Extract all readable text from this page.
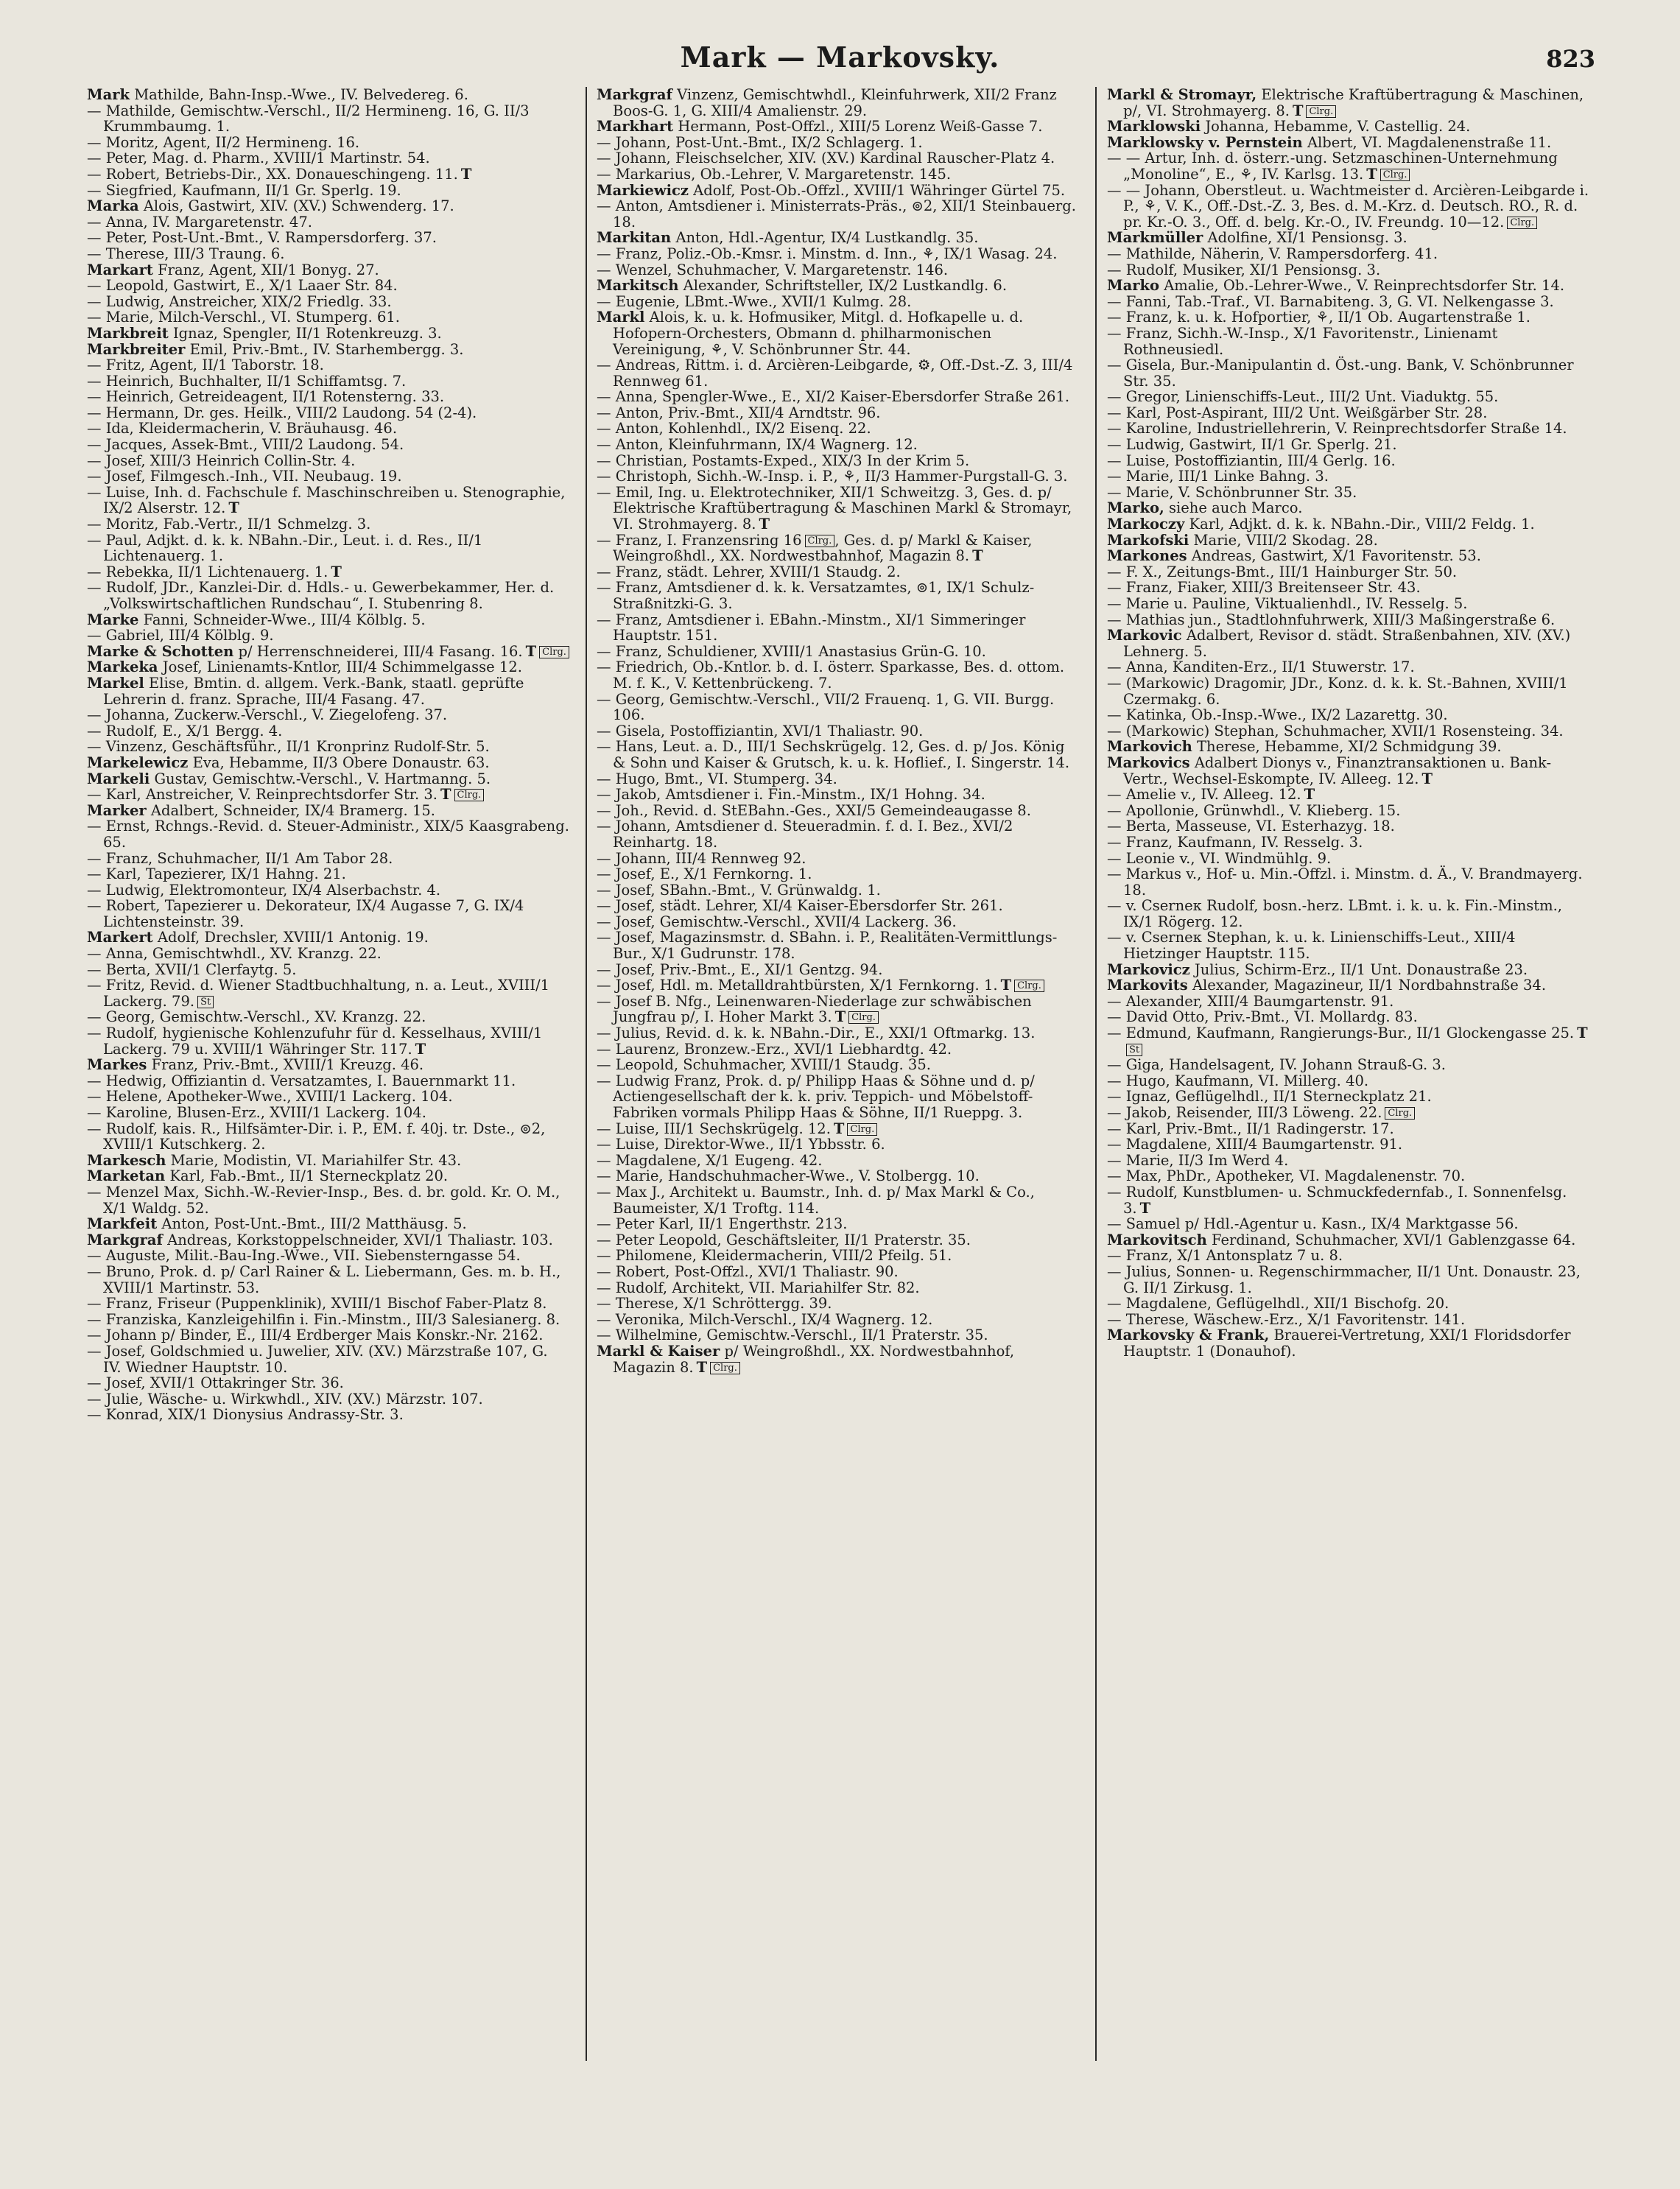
Mark — Markovsky.	823

Mark Mathilde, Bahn-Insp.-Wwe., IV. Belvedereg. 6.

— Mathilde, Gemischtw.-Verschl., II/2 Hermineng. 16, G. II/3 Krummbaumg. 1.

— Moritz, Agent, II/2 Hermineng. 16.

— Peter, Mag. d. Pharm., XVIII/1 Martinstr. 54.

— Robert, Betriebs-Dir., XX. Donaueschingeng. 11. T

— Siegfried, Kaufmann, II/1 Gr. Sperlg. 19.

Marka Alois, Gastwirt, XIV. (XV.) Schwenderg. 17.

— Anna, IV. Margaretenstr. 47.

— Peter, Post-Unt.-Bmt., V. Rampersdorferg. 37.

— Therese, III/3 Traung. 6.

Markart Franz, Agent, XII/1 Bonyg. 27.

— Leopold, Gastwirt, E., X/1 Laaer Str. 84.

— Ludwig, Anstreicher, XIX/2 Friedlg. 33.

— Marie, Milch-Verschl., VI. Stumperg. 61.

Markbreit Ignaz, Spengler, II/1 Rotenkreuzg. 3.

Markbreiter Emil, Priv.-Bmt., IV. Starhembergg. 3.

— Fritz, Agent, II/1 Taborstr. 18.

— Heinrich, Buchhalter, II/1 Schiffamtsg. 7.

— Heinrich, Getreideagent, II/1 Rotensterng. 33.

— Hermann, Dr. ges. Heilk., VIII/2 Laudong. 54 (2-4).

— Ida, Kleidermacherin, V. Bräuhausg. 46.

— Jacques, Assek-Bmt., VIII/2 Laudong. 54.

— Josef, XIII/3 Heinrich Collin-Str. 4.

— Josef, Filmgesch.-Inh., VII. Neubaug. 19.

— Luise, Inh. d. Fachschule f. Maschinschreiben u. Stenographie, IX/2 Alserstr. 12. T

— Moritz, Fab.-Vertr., II/1 Schmelzg. 3.

— Paul, Adjkt. d. k. k. NBahn.-Dir., Leut. i. d. Res., II/1 Lichtenauerg. 1.

— Rebekka, II/1 Lichtenauerg. 1. T

— Rudolf, JDr., Kanzlei-Dir. d. Hdls.- u. Gewerbekammer, Her. d. „Volkswirtschaftlichen Rundschau“, I. Stubenring 8.

Marke Fanni, Schneider-Wwe., III/4 Kölblg. 5.

— Gabriel, III/4 Kölblg. 9.

Marke & Schotten p/ Herrenschneiderei, III/4 Fasang. 16. T Clrg.

Markeka Josef, Linienamts-Kntlor, III/4 Schimmelgasse 12.

Markel Elise, Bmtin. d. allgem. Verk.-Bank, staatl. geprüfte Lehrerin d. franz. Sprache, III/4 Fasang. 47.

— Johanna, Zuckerw.-Verschl., V. Ziegelofeng. 37.

— Rudolf, E., X/1 Bergg. 4.

— Vinzenz, Geschäftsführ., II/1 Kronprinz Rudolf-Str. 5.

Markelewicz Eva, Hebamme, II/3 Obere Donaustr. 63.

Markeli Gustav, Gemischtw.-Verschl., V. Hartmanng. 5.

— Karl, Anstreicher, V. Reinprechtsdorfer Str. 3. T Clrg.

Marker Adalbert, Schneider, IX/4 Bramerg. 15.

— Ernst, Rchngs.-Revid. d. Steuer-Administr., XIX/5 Kaasgrabeng. 65.

— Franz, Schuhmacher, II/1 Am Tabor 28.

— Karl, Tapezierer, IX/1 Hahng. 21.

— Ludwig, Elektromonteur, IX/4 Alserbachstr. 4.

— Robert, Tapezierer u. Dekorateur, IX/4 Augasse 7, G. IX/4 Lichtensteinstr. 39.

Markert Adolf, Drechsler, XVIII/1 Antonig. 19.

— Anna, Gemischtwhdl., XV. Kranzg. 22.

— Berta, XVII/1 Clerfaytg. 5.

— Fritz, Revid. d. Wiener Stadtbuchhaltung, n. a. Leut., XVIII/1 Lackerg. 79. St

— Georg, Gemischtw.-Verschl., XV. Kranzg. 22.

— Rudolf, hygienische Kohlenzufuhr für d. Kesselhaus, XVIII/1 Lackerg. 79 u. XVIII/1 Währinger Str. 117. T

Markes Franz, Priv.-Bmt., XVIII/1 Kreuzg. 46.

— Hedwig, Offiziantin d. Versatzamtes, I. Bauernmarkt 11.

— Helene, Apotheker-Wwe., XVIII/1 Lackerg. 104.

— Karoline, Blusen-Erz., XVIII/1 Lackerg. 104.

— Rudolf, kais. R., Hilfsämter-Dir. i. P., EM. f. 40j. tr. Dste., ⊚2, XVIII/1 Kutschkerg. 2.

Markesch Marie, Modistin, VI. Mariahilfer Str. 43.

Marketan Karl, Fab.-Bmt., II/1 Sterneckplatz 20.

— Menzel Max, Sichh.-W.-Revier-Insp., Bes. d. br. gold. Kr. O. M., X/1 Waldg. 52.

Markfeit Anton, Post-Unt.-Bmt., III/2 Matthäusg. 5.

Markgraf Andreas, Korkstoppelschneider, XVI/1 Thaliastr. 103.

— Auguste, Milit.-Bau-Ing.-Wwe., VII. Siebensterngasse 54.

— Bruno, Prok. d. p/ Carl Rainer & L. Liebermann, Ges. m. b. H., XVIII/1 Martinstr. 53.

— Franz, Friseur (Puppenklinik), XVIII/1 Bischof Faber-Platz 8.

— Franziska, Kanzleigehilfin i. Fin.-Minstm., III/3 Salesianerg. 8.

— Johann p/ Binder, E., III/4 Erdberger Mais Konskr.-Nr. 2162.

— Josef, Goldschmied u. Juwelier, XIV. (XV.) Märzstraße 107, G. IV. Wiedner Hauptstr. 10.

— Josef, XVII/1 Ottakringer Str. 36.

— Julie, Wäsche- u. Wirkwhdl., XIV. (XV.) Märzstr. 107.

— Konrad, XIX/1 Dionysius Andrassy-Str. 3.

Markgraf Vinzenz, Gemischtwhdl., Kleinfuhrwerk, XII/2 Franz Boos-G. 1, G. XIII/4 Amalienstr. 29.

Markhart Hermann, Post-Offzl., XIII/5 Lorenz Weiß-Gasse 7.

— Johann, Post-Unt.-Bmt., IX/2 Schlagerg. 1.

— Johann, Fleischselcher, XIV. (XV.) Kardinal Rauscher-Platz 4.

— Markarius, Ob.-Lehrer, V. Margaretenstr. 145.

Markiewicz Adolf, Post-Ob.-Offzl., XVIII/1 Währinger Gürtel 75.

— Anton, Amtsdiener i. Ministerrats-Präs., ⊚2, XII/1 Steinbauerg. 18.

Markitan Anton, Hdl.-Agentur, IX/4 Lustkandlg. 35.

— Franz, Poliz.-Ob.-Kmsr. i. Minstm. d. Inn., ⚘, IX/1 Wasag. 24.

— Wenzel, Schuhmacher, V. Margaretenstr. 146.

Markitsch Alexander, Schriftsteller, IX/2 Lustkandlg. 6.

— Eugenie, LBmt.-Wwe., XVII/1 Kulmg. 28.

Markl Alois, k. u. k. Hofmusiker, Mitgl. d. Hofkapelle u. d. Hofopern-Orchesters, Obmann d. philharmonischen Vereinigung, ⚘, V. Schönbrunner Str. 44.

— Andreas, Rittm. i. d. Arcièren-Leibgarde, ⚙, Off.-Dst.-Z. 3, III/4 Rennweg 61.

— Anna, Spengler-Wwe., E., XI/2 Kaiser-Ebersdorfer Straße 261.

— Anton, Priv.-Bmt., XII/4 Arndtstr. 96.

— Anton, Kohlenhdl., IX/2 Eisenq. 22.

— Anton, Kleinfuhrmann, IX/4 Wagnerg. 12.

— Christian, Postamts-Exped., XIX/3 In der Krim 5.

— Christoph, Sichh.-W.-Insp. i. P., ⚘, II/3 Hammer-Purgstall-G. 3.

— Emil, Ing. u. Elektrotechniker, XII/1 Schweitzg. 3, Ges. d. p/ Elektrische Kraftübertragung & Maschinen Markl & Stromayr, VI. Strohmayerg. 8. T

— Franz, I. Franzensring 16 Clrg. , Ges. d. p/ Markl & Kaiser, Weingroßhdl., XX. Nordwestbahnhof, Magazin 8. T

— Franz, städt. Lehrer, XVIII/1 Staudg. 2.

— Franz, Amtsdiener d. k. k. Versatzamtes, ⊚1, IX/1 Schulz-Straßnitzki-G. 3.

— Franz, Amtsdiener i. EBahn.-Minstm., XI/1 Simmeringer Hauptstr. 151.

— Franz, Schuldiener, XVIII/1 Anastasius Grün-G. 10.

— Friedrich, Ob.-Kntlor. b. d. I. österr. Sparkasse, Bes. d. ottom. M. f. K., V. Kettenbrückeng. 7.

— Georg, Gemischtw.-Verschl., VII/2 Frauenq. 1, G. VII. Burgg. 106.

— Gisela, Postoffiziantin, XVI/1 Thaliastr. 90.

— Hans, Leut. a. D., III/1 Sechskrügelg. 12, Ges. d. p/ Jos. König & Sohn und Kaiser & Grutsch, k. u. k. Hoflief., I. Singerstr. 14.

— Hugo, Bmt., VI. Stumperg. 34.

— Jakob, Amtsdiener i. Fin.-Minstm., IX/1 Hohng. 34.

— Joh., Revid. d. StEBahn.-Ges., XXI/5 Gemeindeaugasse 8.

— Johann, Amtsdiener d. Steueradmin. f. d. I. Bez., XVI/2 Reinhartg. 18.

— Johann, III/4 Rennweg 92.

— Josef, E., X/1 Fernkorng. 1.

— Josef, SBahn.-Bmt., V. Grünwaldg. 1.

— Josef, städt. Lehrer, XI/4 Kaiser-Ebersdorfer Str. 261.

— Josef, Gemischtw.-Verschl., XVII/4 Lackerg. 36.

— Josef, Magazinsmstr. d. SBahn. i. P., Realitäten-Vermittlungs-Bur., X/1 Gudrunstr. 178.

— Josef, Priv.-Bmt., E., XI/1 Gentzg. 94.

— Josef, Hdl. m. Metalldrahtbürsten, X/1 Fernkorng. 1. T Clrg.

— Josef B. Nfg., Leinenwaren-Niederlage zur schwäbischen Jungfrau p/, I. Hoher Markt 3. T Clrg.

— Julius, Revid. d. k. k. NBahn.-Dir., E., XXI/1 Oftmarkg. 13.

— Laurenz, Bronzew.-Erz., XVI/1 Liebhardtg. 42.

— Leopold, Schuhmacher, XVIII/1 Staudg. 35.

— Ludwig Franz, Prok. d. p/ Philipp Haas & Söhne und d. p/ Actiengesellschaft der k. k. priv. Teppich- und Möbelstoff-Fabriken vormals Philipp Haas & Söhne, II/1 Rueppg. 3.

— Luise, III/1 Sechskrügelg. 12. T Clrg.

— Luise, Direktor-Wwe., II/1 Ybbsstr. 6.

— Magdalene, X/1 Eugeng. 42.

— Marie, Handschuhmacher-Wwe., V. Stolbergg. 10.

— Max J., Architekt u. Baumstr., Inh. d. p/ Max Markl & Co., Baumeister, X/1 Troftg. 114.

— Peter Karl, II/1 Engerthstr. 213.

— Peter Leopold, Geschäftsleiter, II/1 Praterstr. 35.

— Philomene, Kleidermacherin, VIII/2 Pfeilg. 51.

— Robert, Post-Offzl., XVI/1 Thaliastr. 90.

— Rudolf, Architekt, VII. Mariahilfer Str. 82.

— Therese, X/1 Schröttergg. 39.

— Veronika, Milch-Verschl., IX/4 Wagnerg. 12.

— Wilhelmine, Gemischtw.-Verschl., II/1 Praterstr. 35.

Markl & Kaiser p/ Weingroßhdl., XX. Nordwestbahnhof, Magazin 8. T Clrg.

Markl & Stromayr, Elektrische Kraftübertragung & Maschinen, p/, VI. Strohmayerg. 8. T Clrg.

Marklowski Johanna, Hebamme, V. Castellig. 24.

Marklowsky v. Pernstein Albert, VI. Magdalenenstraße 11.

— — Artur, Inh. d. österr.-ung. Setzmaschinen-Unternehmung „Monoline“, E., ⚘, IV. Karlsg. 13. T Clrg.

— — Johann, Oberstleut. u. Wachtmeister d. Arcièren-Leibgarde i. P., ⚘, V. K., Off.-Dst.-Z. 3, Bes. d. M.-Krz. d. Deutsch. RO., R. d. pr. Kr.-O. 3., Off. d. belg. Kr.-O., IV. Freundg. 10—12. Clrg.

Markmüller Adolfine, XI/1 Pensionsg. 3.

— Mathilde, Näherin, V. Rampersdorferg. 41.

— Rudolf, Musiker, XI/1 Pensionsg. 3.

Marko Amalie, Ob.-Lehrer-Wwe., V. Reinprechtsdorfer Str. 14.

— Fanni, Tab.-Traf., VI. Barnabiteng. 3, G. VI. Nelkengasse 3.

— Franz, k. u. k. Hofportier, ⚘, II/1 Ob. Augartenstraße 1.

— Franz, Sichh.-W.-Insp., X/1 Favoritenstr., Linienamt Rothneusiedl.

— Gisela, Bur.-Manipulantin d. Öst.-ung. Bank, V. Schönbrunner Str. 35.

— Gregor, Linienschiffs-Leut., III/2 Unt. Viaduktg. 55.

— Karl, Post-Aspirant, III/2 Unt. Weißgärber Str. 28.

— Karoline, Industriellehrerin, V. Reinprechtsdorfer Straße 14.

— Ludwig, Gastwirt, II/1 Gr. Sperlg. 21.

— Luise, Postoffiziantin, III/4 Gerlg. 16.

— Marie, III/1 Linke Bahng. 3.

— Marie, V. Schönbrunner Str. 35.

Marko, siehe auch Marco.

Markoczy Karl, Adjkt. d. k. k. NBahn.-Dir., VIII/2 Feldg. 1.

Markofski Marie, VIII/2 Skodag. 28.

Markones Andreas, Gastwirt, X/1 Favoritenstr. 53.

— F. X., Zeitungs-Bmt., III/1 Hainburger Str. 50.

— Franz, Fiaker, XIII/3 Breitenseer Str. 43.

— Marie u. Pauline, Viktualienhdl., IV. Resselg. 5.

— Mathias jun., Stadtlohnfuhrwerk, XIII/3 Maßingerstraße 6.

Markovic Adalbert, Revisor d. städt. Straßenbahnen, XIV. (XV.) Lehnerg. 5.

— Anna, Kanditen-Erz., II/1 Stuwerstr. 17.

— (Markowic) Dragomir, JDr., Konz. d. k. k. St.-Bahnen, XVIII/1 Czermakg. 6.

— Katinka, Ob.-Insp.-Wwe., IX/2 Lazarettg. 30.

— (Markowic) Stephan, Schuhmacher, XVII/1 Rosensteing. 34.

Markovich Therese, Hebamme, XI/2 Schmidgung 39.

Markovics Adalbert Dionys v., Finanztransaktionen u. Bank-Vertr., Wechsel-Eskompte, IV. Alleeg. 12. T

— Amelie v., IV. Alleeg. 12. T

— Apollonie, Grünwhdl., V. Klieberg. 15.

— Berta, Masseuse, VI. Esterhazyg. 18.

— Franz, Kaufmann, IV. Resselg. 3.

— Leonie v., VI. Windmühlg. 9.

— Markus v., Hof- u. Min.-Offzl. i. Minstm. d. Ä., V. Brandmayerg. 18.

— v. Cserneк Rudolf, bosn.-herz. LBmt. i. k. u. k. Fin.-Minstm., IX/1 Rögerg. 12.

— v. Cserneк Stephan, k. u. k. Linienschiffs-Leut., XIII/4 Hietzinger Hauptstr. 115.

Markovicz Julius, Schirm-Erz., II/1 Unt. Donaustraße 23.

Markovits Alexander, Magazineur, II/1 Nordbahnstraße 34.

— Alexander, XIII/4 Baumgartenstr. 91.

— David Otto, Priv.-Bmt., VI. Mollardg. 83.

— Edmund, Kaufmann, Rangierungs-Bur., II/1 Glockengasse 25. TSt

— Giga, Handelsagent, IV. Johann Strauß-G. 3.

— Hugo, Kaufmann, VI. Millerg. 40.

— Ignaz, Geflügelhdl., II/1 Sterneckplatz 21.

— Jakob, Reisender, III/3 Löweng. 22. Clrg.

— Karl, Priv.-Bmt., II/1 Radingerstr. 17.

— Magdalene, XIII/4 Baumgartenstr. 91.

— Marie, II/3 Im Werd 4.

— Max, PhDr., Apotheker, VI. Magdalenenstr. 70.

— Rudolf, Kunstblumen- u. Schmuckfedernfab., I. Sonnenfelsg. 3. T

— Samuel p/ Hdl.-Agentur u. Kasn., IX/4 Marktgasse 56.

Markovitsch Ferdinand, Schuhmacher, XVI/1 Gablenzgasse 64.

— Franz, X/1 Antonsplatz 7 u. 8.

— Julius, Sonnen- u. Regenschirmmacher, II/1 Unt. Donaustr. 23, G. II/1 Zirkusg. 1.

— Magdalene, Geflügelhdl., XII/1 Bischofg. 20.

— Therese, Wäschew.-Erz., X/1 Favoritenstr. 141.

Markovsky & Frank, Brauerei-Vertretung, XXI/1 Floridsdorfer Hauptstr. 1 (Donauhof).
